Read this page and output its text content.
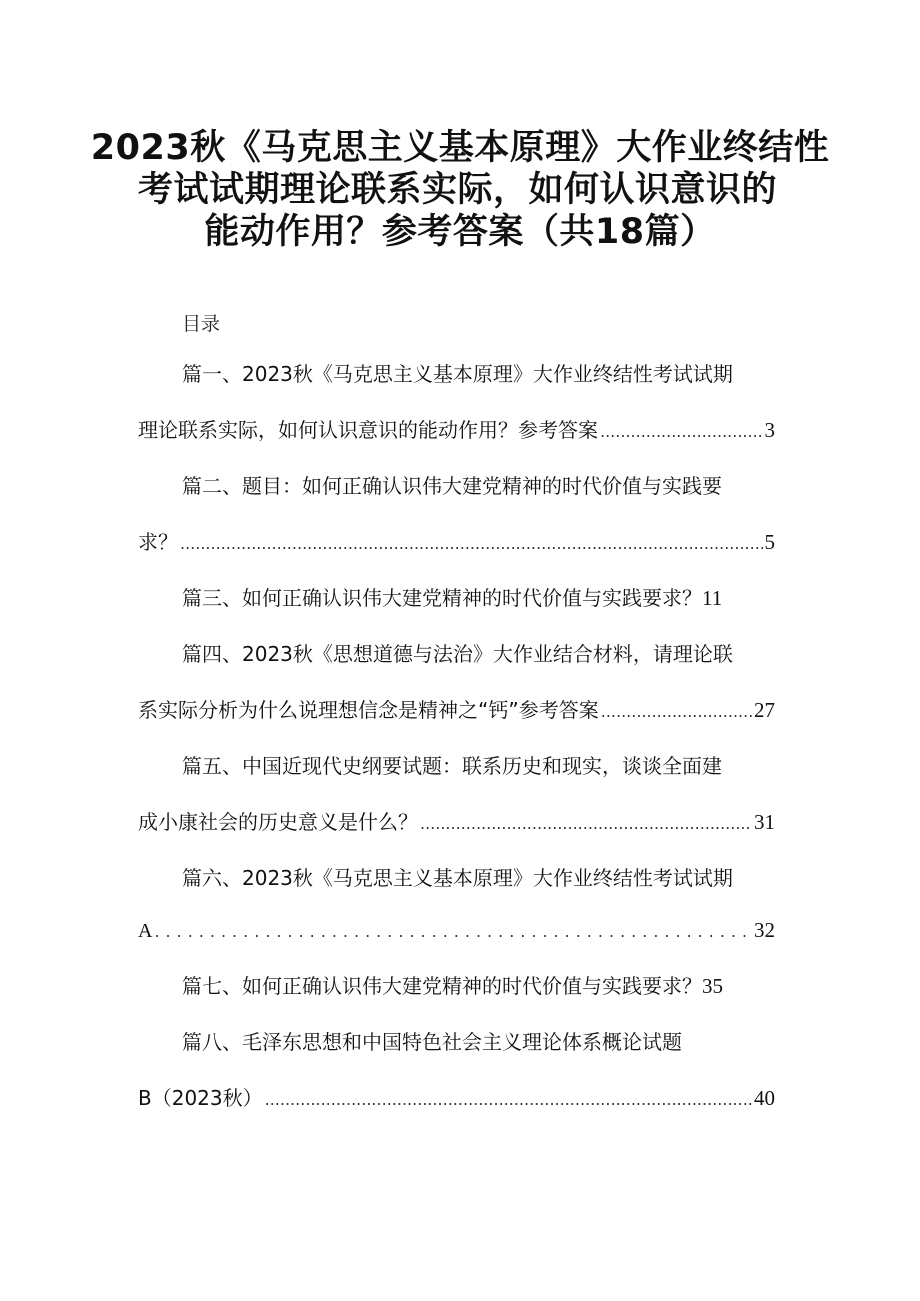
2023秋《马克思主义基本原理》大作业终结性
考试试期理论联系实际，如何认识意识的
能动作用？参考答案（共18篇）
目录
篇一、2023秋《马克思主义基本原理》大作业终结性考试试期
理论联系实际，如何认识意识的能动作用？参考答案 .....	3
篇二、题目：如何正确认识伟大建党精神的时代价值与实践要
求？ .....	5
篇三、如何正确认识伟大建党精神的时代价值与实践要求？11
篇四、2023秋《思想道德与法治》大作业结合材料，请理论联
系实际分析为什么说理想信念是精神之“钙”参考答案 .....	27
篇五、中国近现代史纲要试题：联系历史和现实，谈谈全面建
成小康社会的历史意义是什么？ .....	31
篇六、2023秋《马克思主义基本原理》大作业终结性考试试期
A .....	32
篇七、如何正确认识伟大建党精神的时代价值与实践要求？35
篇八、毛泽东思想和中国特色社会主义理论体系概论试题
B（2023秋） .....	40
